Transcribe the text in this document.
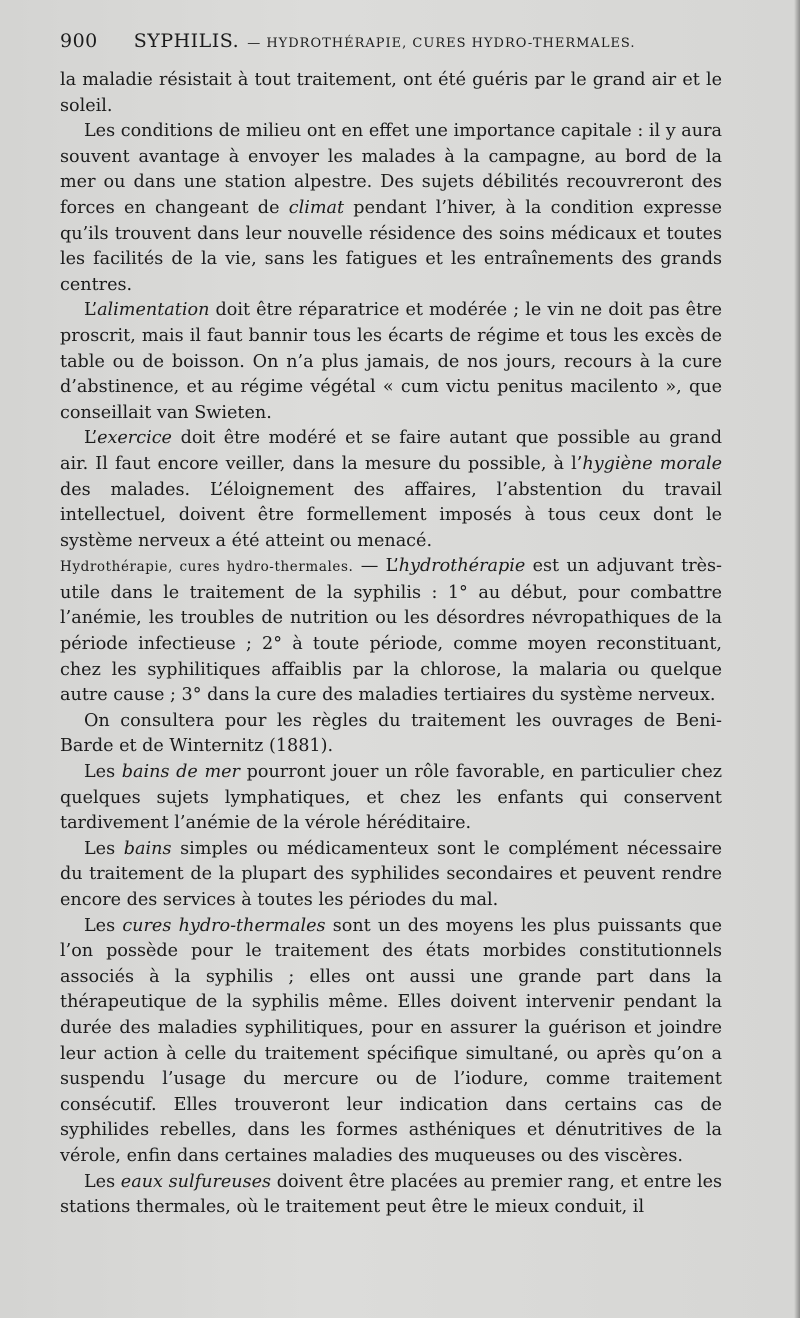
900 SYPHILIS. — HYDROTHÉRAPIE, CURES HYDRO-THERMALES.

la maladie résistait à tout traitement, ont été guéris par le grand air et le soleil.

Les conditions de milieu ont en effet une importance capitale : il y aura souvent avantage à envoyer les malades à la campagne, au bord de la mer ou dans une station alpestre. Des sujets débilités recouvreront des forces en changeant de climat pendant l’hiver, à la condition expresse qu’ils trouvent dans leur nouvelle résidence des soins médicaux et toutes les facilités de la vie, sans les fatigues et les entraînements des grands centres.

L’alimentation doit être réparatrice et modérée ; le vin ne doit pas être proscrit, mais il faut bannir tous les écarts de régime et tous les excès de table ou de boisson. On n’a plus jamais, de nos jours, recours à la cure d’abstinence, et au régime végétal « cum victu penitus macilento », que conseillait van Swieten.

L’exercice doit être modéré et se faire autant que possible au grand air. Il faut encore veiller, dans la mesure du possible, à l’hygiène morale des malades. L’éloignement des affaires, l’abstention du travail intellectuel, doivent être formellement imposés à tous ceux dont le système nerveux a été atteint ou menacé.

Hydrothérapie, cures hydro-thermales. — L’hydrothérapie est un adjuvant très-utile dans le traitement de la syphilis : 1° au début, pour combattre l’anémie, les troubles de nutrition ou les désordres névropathiques de la période infectieuse ; 2° à toute période, comme moyen reconstituant, chez les syphilitiques affaiblis par la chlorose, la malaria ou quelque autre cause ; 3° dans la cure des maladies tertiaires du système nerveux.

On consultera pour les règles du traitement les ouvrages de Beni-Barde et de Winternitz (1881).

Les bains de mer pourront jouer un rôle favorable, en particulier chez quelques sujets lymphatiques, et chez les enfants qui conservent tardivement l’anémie de la vérole héréditaire.

Les bains simples ou médicamenteux sont le complément nécessaire du traitement de la plupart des syphilides secondaires et peuvent rendre encore des services à toutes les périodes du mal.

Les cures hydro-thermales sont un des moyens les plus puissants que l’on possède pour le traitement des états morbides constitutionnels associés à la syphilis ; elles ont aussi une grande part dans la thérapeutique de la syphilis même. Elles doivent intervenir pendant la durée des maladies syphilitiques, pour en assurer la guérison et joindre leur action à celle du traitement spécifique simultané, ou après qu’on a suspendu l’usage du mercure ou de l’iodure, comme traitement consécutif. Elles trouveront leur indication dans certains cas de syphilides rebelles, dans les formes asthéniques et dénutritives de la vérole, enfin dans certaines maladies des muqueuses ou des viscères.

Les eaux sulfureuses doivent être placées au premier rang, et entre les stations thermales, où le traitement peut être le mieux conduit, il
